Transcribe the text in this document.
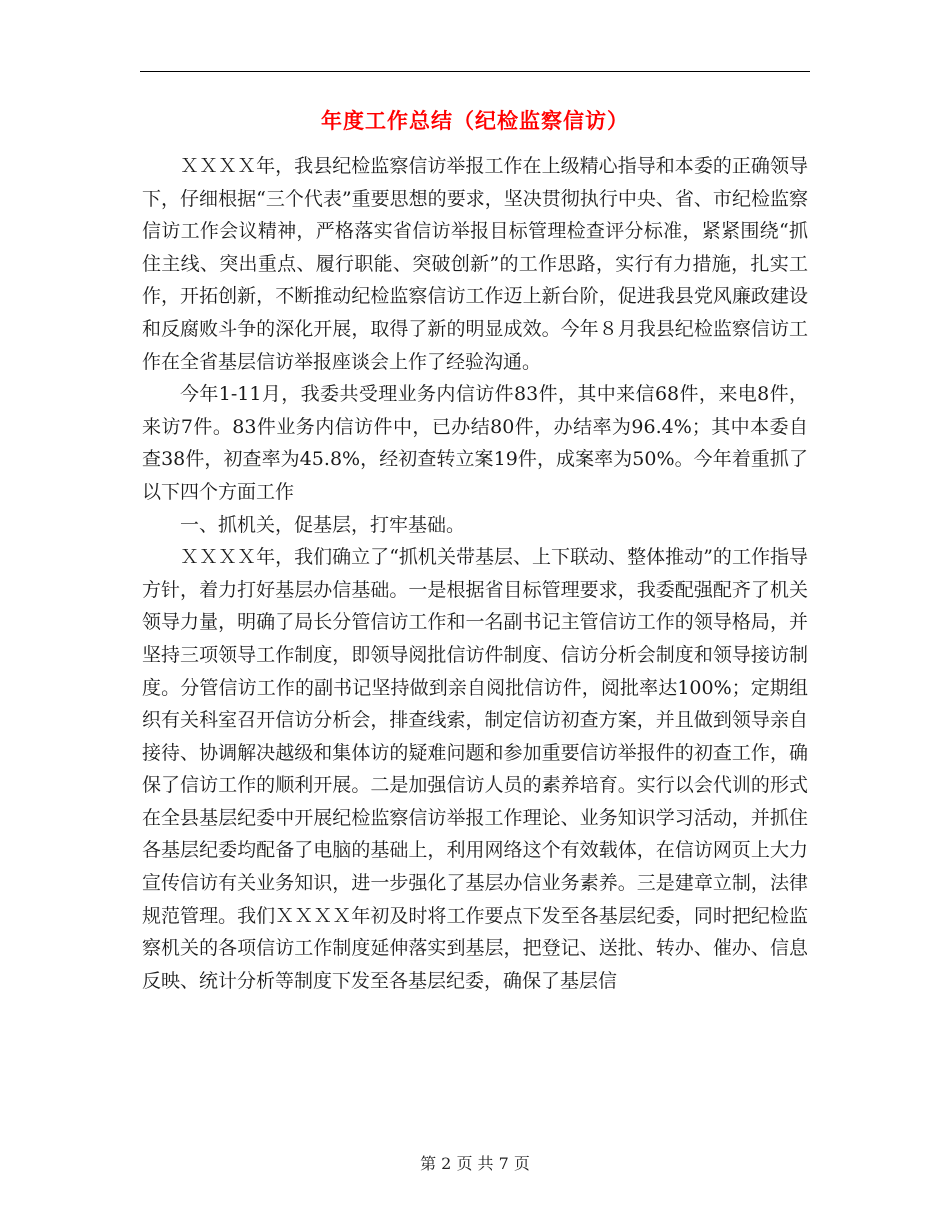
年度工作总结（纪检监察信访）

ＸＸＸＸ年，我县纪检监察信访举报工作在上级精心指导和本委的正确领导下，仔细根据“三个代表”重要思想的要求，坚决贯彻执行中央、省、市纪检监察信访工作会议精神，严格落实省信访举报目标管理检查评分标准，紧紧围绕“抓住主线、突出重点、履行职能、突破创新”的工作思路，实行有力措施，扎实工作，开拓创新，不断推动纪检监察信访工作迈上新台阶，促进我县党风廉政建设和反腐败斗争的深化开展，取得了新的明显成效。今年８月我县纪检监察信访工作在全省基层信访举报座谈会上作了经验沟通。

今年1-11月，我委共受理业务内信访件83件，其中来信68件，来电8件，来访7件。83件业务内信访件中，已办结80件，办结率为96.4%；其中本委自查38件，初查率为45.8%，经初查转立案19件，成案率为50%。今年着重抓了以下四个方面工作

一、抓机关，促基层，打牢基础。

ＸＸＸＸ年，我们确立了“抓机关带基层、上下联动、整体推动”的工作指导方针，着力打好基层办信基础。一是根据省目标管理要求，我委配强配齐了机关领导力量，明确了局长分管信访工作和一名副书记主管信访工作的领导格局，并坚持三项领导工作制度，即领导阅批信访件制度、信访分析会制度和领导接访制度。分管信访工作的副书记坚持做到亲自阅批信访件，阅批率达100%；定期组织有关科室召开信访分析会，排查线索，制定信访初查方案，并且做到领导亲自接待、协调解决越级和集体访的疑难问题和参加重要信访举报件的初查工作，确保了信访工作的顺利开展。二是加强信访人员的素养培育。实行以会代训的形式在全县基层纪委中开展纪检监察信访举报工作理论、业务知识学习活动，并抓住各基层纪委均配备了电脑的基础上，利用网络这个有效载体，在信访网页上大力宣传信访有关业务知识，进一步强化了基层办信业务素养。三是建章立制，法律规范管理。我们ＸＸＸＸ年初及时将工作要点下发至各基层纪委，同时把纪检监察机关的各项信访工作制度延伸落实到基层，把登记、送批、转办、催办、信息反映、统计分析等制度下发至各基层纪委，确保了基层信

第 2 页 共 7 页
